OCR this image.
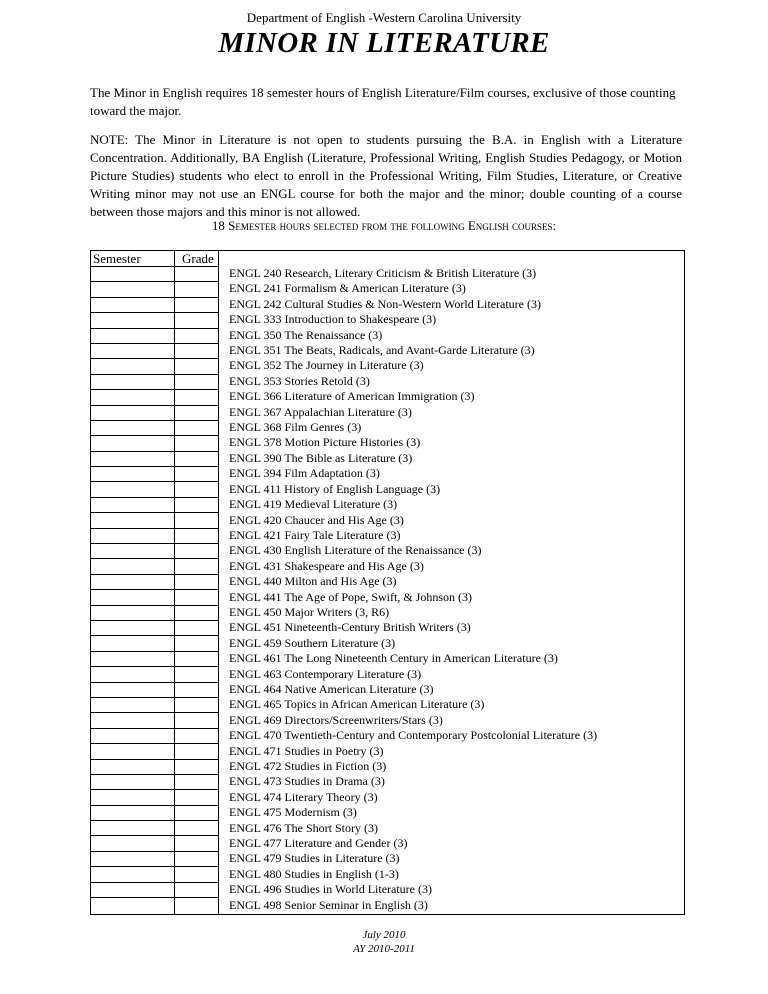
Department of English -Western Carolina University
MINOR IN LITERATURE

The Minor in English requires 18 semester hours of English Literature/Film courses, exclusive of those counting toward the major.

NOTE: The Minor in Literature is not open to students pursuing the B.A. in English with a Literature Concentration. Additionally, BA English (Literature, Professional Writing, English Studies Pedagogy, or Motion Picture Studies) students who elect to enroll in the Professional Writing, Film Studies, Literature, or Creative Writing minor may not use an ENGL course for both the major and the minor; double counting of a course between those majors and this minor is not allowed.

18 Semester hours selected from the following English courses:
Semester	Grade
ENGL 240 Research, Literary Criticism & British Literature (3)
ENGL 241 Formalism & American Literature (3)
ENGL 242 Cultural Studies & Non-Western World Literature (3)
ENGL 333 Introduction to Shakespeare (3)
ENGL 350 The Renaissance (3)
ENGL 351 The Beats, Radicals, and Avant-Garde Literature (3)
ENGL 352 The Journey in Literature (3)
ENGL 353 Stories Retold (3)
ENGL 366 Literature of American Immigration (3)
ENGL 367 Appalachian Literature (3)
ENGL 368 Film Genres (3)
ENGL 378 Motion Picture Histories (3)
ENGL 390 The Bible as Literature (3)
ENGL 394 Film Adaptation (3)
ENGL 411 History of English Language (3)
ENGL 419 Medieval Literature (3)
ENGL 420 Chaucer and His Age (3)
ENGL 421 Fairy Tale Literature (3)
ENGL 430 English Literature of the Renaissance (3)
ENGL 431 Shakespeare and His Age (3)
ENGL 440 Milton and His Age (3)
ENGL 441 The Age of Pope, Swift, & Johnson (3)
ENGL 450 Major Writers (3, R6)
ENGL 451 Nineteenth-Century British Writers (3)
ENGL 459 Southern Literature (3)
ENGL 461 The Long Nineteenth Century in American Literature (3)
ENGL 463 Contemporary Literature (3)
ENGL 464 Native American Literature (3)
ENGL 465 Topics in African American Literature (3)
ENGL 469 Directors/Screenwriters/Stars (3)
ENGL 470 Twentieth-Century and Contemporary Postcolonial Literature (3)
ENGL 471 Studies in Poetry (3)
ENGL 472 Studies in Fiction (3)
ENGL 473 Studies in Drama (3)
ENGL 474 Literary Theory (3)
ENGL 475 Modernism (3)
ENGL 476 The Short Story (3)
ENGL 477 Literature and Gender (3)
ENGL 479 Studies in Literature (3)
ENGL 480 Studies in English (1-3)
ENGL 496 Studies in World Literature (3)
ENGL 498 Senior Seminar in English (3)
July 2010
AY 2010-2011
